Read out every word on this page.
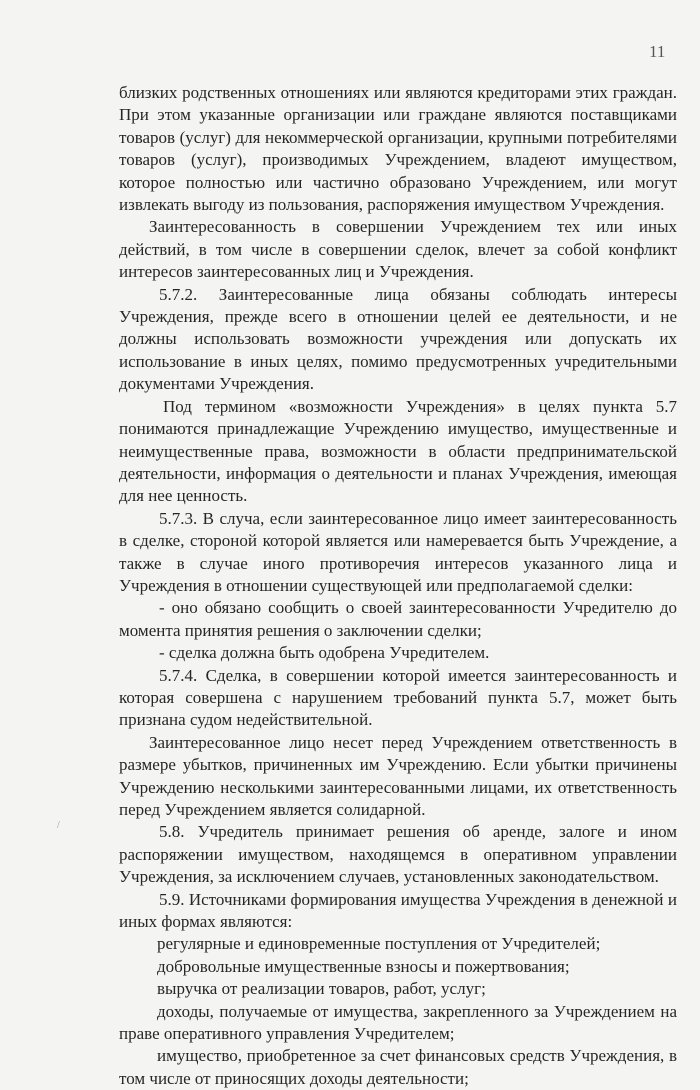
11

близких родственных отношениях или являются кредиторами этих граждан. При этом указанные организации или граждане являются поставщиками товаров (услуг) для некоммерческой организации, крупными потребителями товаров (услуг), производимых Учреждением, владеют имуществом, которое полностью или частично образовано Учреждением, или могут извлекать выгоду из пользования, распоряжения имуществом Учреждения.

Заинтересованность в совершении Учреждением тех или иных действий, в том числе в совершении сделок, влечет за собой конфликт интересов заинтересованных лиц и Учреждения.

5.7.2. Заинтересованные лица обязаны соблюдать интересы Учреждения, прежде всего в отношении целей ее деятельности, и не должны использовать возможности учреждения или допускать их использование в иных целях, помимо предусмотренных учредительными документами Учреждения.

Под термином «возможности Учреждения» в целях пункта 5.7 понимаются принадлежащие Учреждению имущество, имущественные и неимущественные права, возможности в области предпринимательской деятельности, информация о деятельности и планах Учреждения, имеющая для нее ценность.

5.7.3. В случа, если заинтересованное лицо имеет заинтересованность в сделке, стороной которой является или намеревается быть Учреждение, а также в случае иного противоречия интересов указанного лица и Учреждения в отношении существующей или предполагаемой сделки:

- оно обязано сообщить о своей заинтересованности Учредителю до момента принятия решения о заключении сделки;

- сделка должна быть одобрена Учредителем.

5.7.4. Сделка, в совершении которой имеется заинтересованность и которая совершена с нарушением требований пункта 5.7, может быть признана судом недействительной.

Заинтересованное лицо несет перед Учреждением ответственность в размере убытков, причиненных им Учреждению. Если убытки причинены Учреждению несколькими заинтересованными лицами, их ответственность перед Учреждением является солидарной.

5.8. Учредитель принимает решения об аренде, залоге и ином распоряжении имуществом, находящемся в оперативном управлении Учреждения, за исключением случаев, установленных законодательством.

5.9. Источниками формирования имущества Учреждения в денежной и иных формах являются:

регулярные и единовременные поступления от Учредителей;

добровольные имущественные взносы и пожертвования;

выручка от реализации товаров, работ, услуг;

доходы, получаемые от имущества, закрепленного за Учреждением на праве оперативного управления Учредителем;

имущество, приобретенное за счет финансовых средств Учреждения, в том числе от приносящих доходы деятельности;

/
